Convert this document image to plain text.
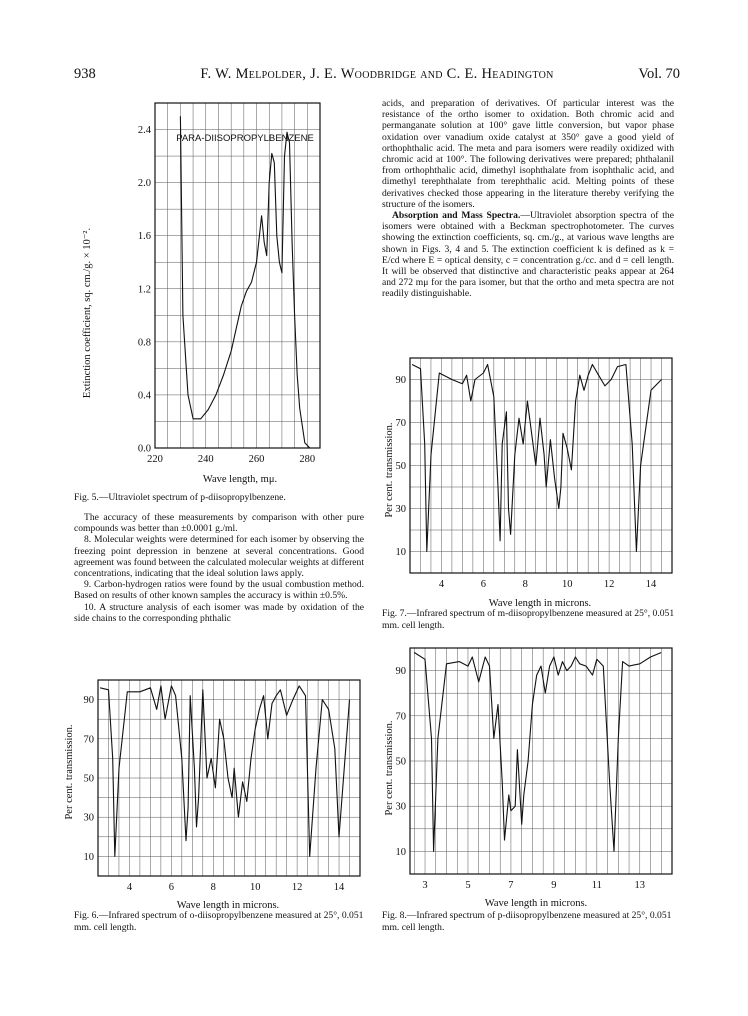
938	F. W. Melpolder, J. E. Woodbridge and C. E. Headington	Vol. 70

acids, and preparation of derivatives. Of particular interest was the resistance of the ortho isomer to oxidation. Both chromic acid and permanganate solution at 100° gave little conversion, but vapor phase oxidation over vanadium oxide catalyst at 350° gave a good yield of orthophthalic acid. The meta and para isomers were readily oxidized with chromic acid at 100°. The following derivatives were prepared; phthalanil from orthophthalic acid, dimethyl isophthalate from isophthalic acid, and dimethyl terephthalate from terephthalic acid. Melting points of these derivatives checked those appearing in the literature thereby verifying the structure of the isomers.

Absorption and Mass Spectra.—Ultraviolet absorption spectra of the isomers were obtained with a Beckman spectrophotometer. The curves showing the extinction coefficients, sq. cm./g., at various wave lengths are shown in Figs. 3, 4 and 5. The extinction coefficient k is defined as k = E/cd where E = optical density, c = concentration g./cc. and d = cell length. It will be observed that distinctive and characteristic peaks appear at 264 and 272 mμ for the para isomer, but that the ortho and meta spectra are not readily distinguishable.

220	240	260	280
0.0
0.4
0.8
1.2
1.6
2.0
2.4
PARA-DIISOPROPYLBENZENE
Extinction coefficient, sq. cm./g. × 10⁻².
Wave length, mμ.
Fig. 5.—Ultraviolet spectrum of p-diisopropylbenzene.

The accuracy of these measurements by comparison with other pure compounds was better than ±0.0001 g./ml.

8. Molecular weights were determined for each isomer by observing the freezing point depression in benzene at several concentrations. Good agreement was found between the calculated molecular weights at different concentrations, indicating that the ideal solution laws apply.

9. Carbon-hydrogen ratios were found by the usual combustion method. Based on results of other known samples the accuracy is within ±0.5%.

10. A structure analysis of each isomer was made by oxidation of the side chains to the corresponding phthalic

4	6	8	10	12	14
10
30
50
70
90
Per cent. transmission.
Wave length in microns.
Fig. 7.—Infrared spectrum of m-diisopropylbenzene measured at 25°, 0.051 mm. cell length.
4	6	8	10	12	14
10
30
50
70
90
Per cent. transmission.
Wave length in microns.
Fig. 6.—Infrared spectrum of o-diisopropylbenzene measured at 25°, 0.051 mm. cell length.
3	5	7	9	11	13
10
30
50
70
90
Per cent. transmission.
Wave length in microns.
Fig. 8.—Infrared spectrum of p-diisopropylbenzene measured at 25°, 0.051 mm. cell length.
